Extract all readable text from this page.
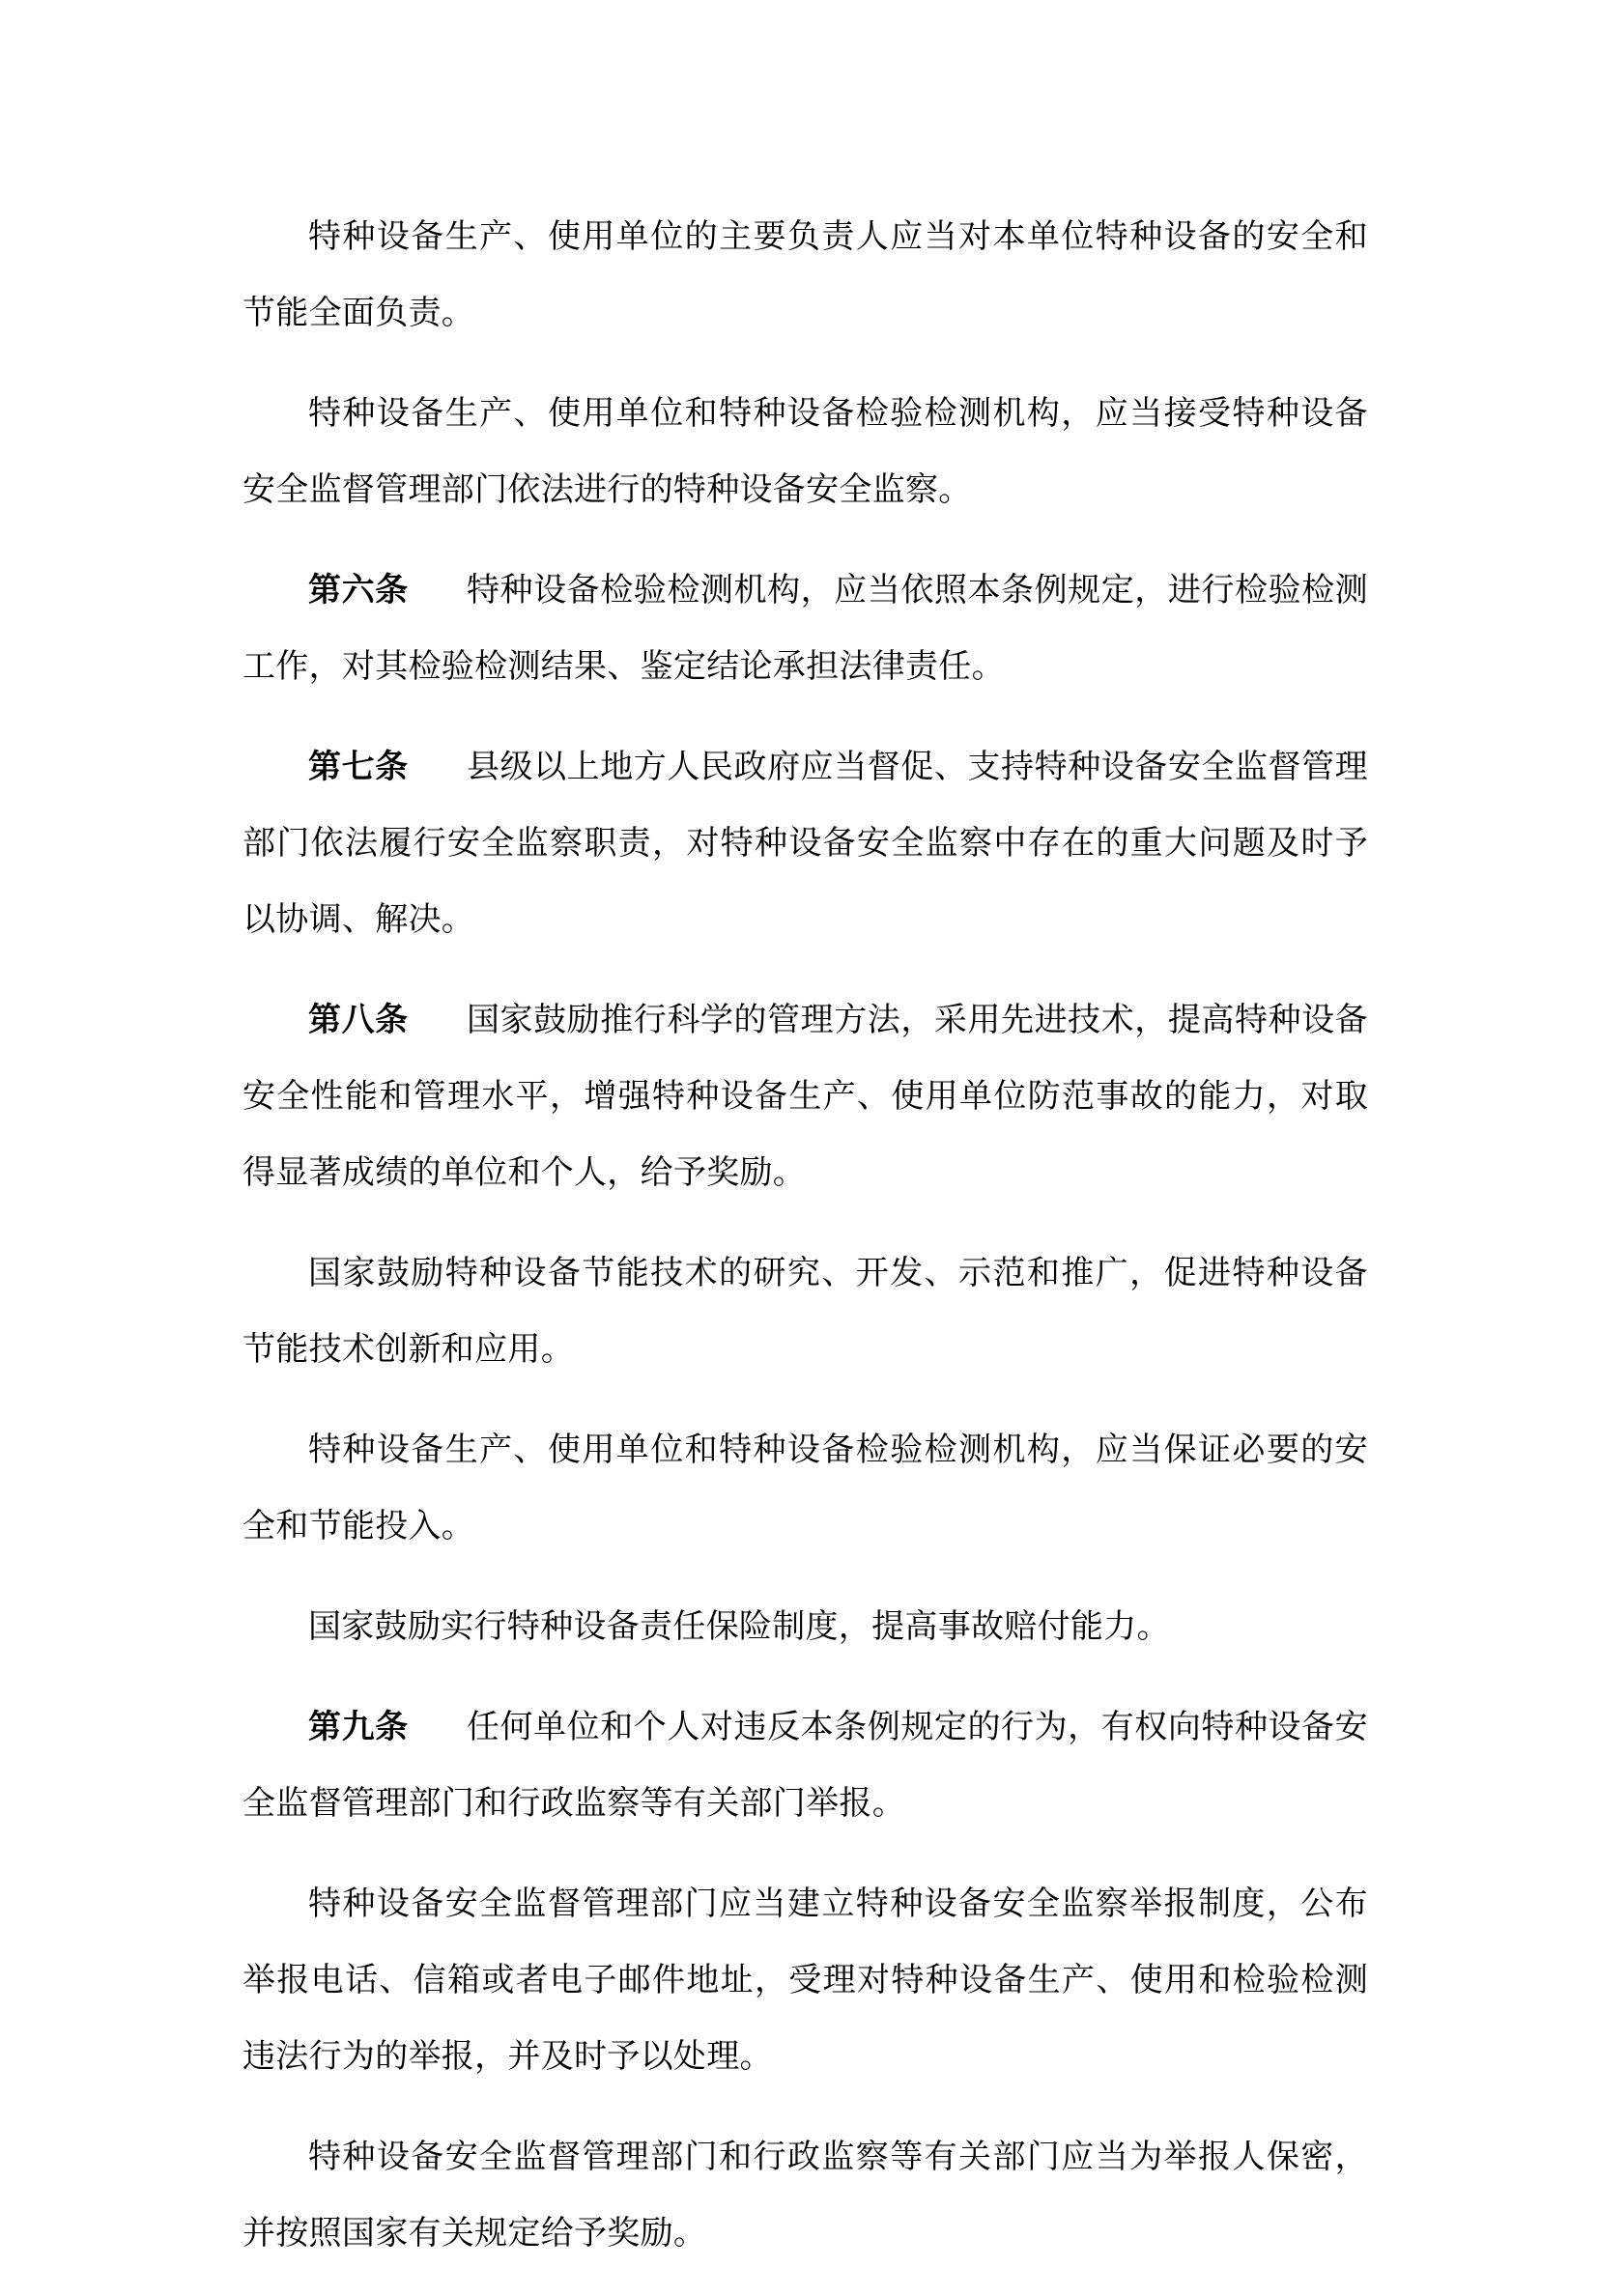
特种设备生产、使用单位的主要负责人应当对本单位特种设备的安全和节能全面负责。

特种设备生产、使用单位和特种设备检验检测机构，应当接受特种设备安全监督管理部门依法进行的特种设备安全监察。

第六条 特种设备检验检测机构，应当依照本条例规定，进行检验检测工作，对其检验检测结果、鉴定结论承担法律责任。

第七条 县级以上地方人民政府应当督促、支持特种设备安全监督管理部门依法履行安全监察职责，对特种设备安全监察中存在的重大问题及时予以协调、解决。

第八条 国家鼓励推行科学的管理方法，采用先进技术，提高特种设备安全性能和管理水平，增强特种设备生产、使用单位防范事故的能力，对取得显著成绩的单位和个人，给予奖励。

国家鼓励特种设备节能技术的研究、开发、示范和推广，促进特种设备节能技术创新和应用。

特种设备生产、使用单位和特种设备检验检测机构，应当保证必要的安全和节能投入。

国家鼓励实行特种设备责任保险制度，提高事故赔付能力。

第九条 任何单位和个人对违反本条例规定的行为，有权向特种设备安全监督管理部门和行政监察等有关部门举报。

特种设备安全监督管理部门应当建立特种设备安全监察举报制度，公布举报电话、信箱或者电子邮件地址，受理对特种设备生产、使用和检验检测违法行为的举报，并及时予以处理。

特种设备安全监督管理部门和行政监察等有关部门应当为举报人保密，并按照国家有关规定给予奖励。
